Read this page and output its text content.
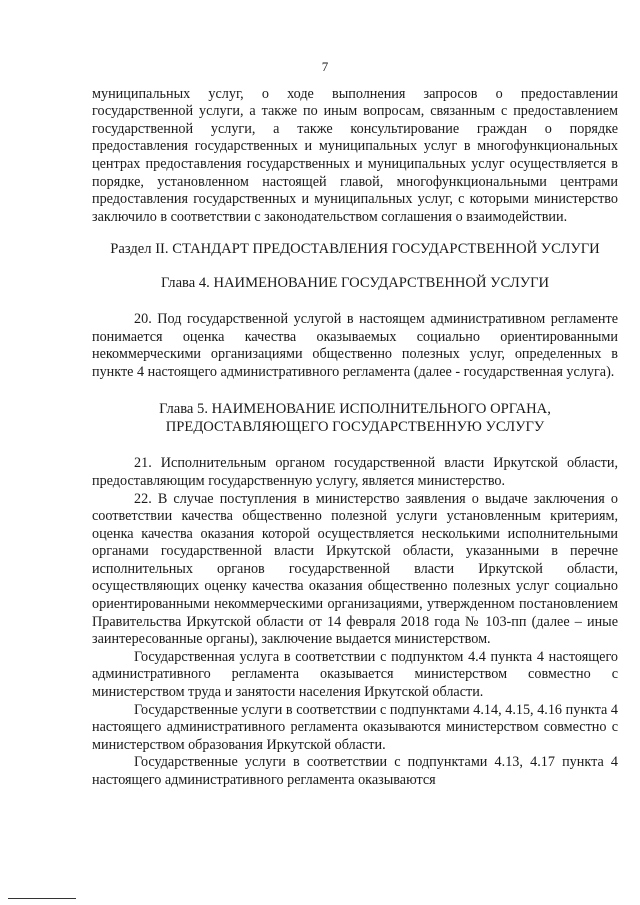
7

муниципальных услуг, о ходе выполнения запросов о предоставлении государственной услуги, а также по иным вопросам, связанным с предоставлением государственной услуги, а также консультирование граждан о порядке предоставления государственных и муниципальных услуг в многофункциональных центрах предоставления государственных и муниципальных услуг осуществляется в порядке, установленном настоящей главой, многофункциональными центрами предоставления государственных и муниципальных услуг, с которыми министерство заключило в соответствии с законодательством соглашения о взаимодействии.

Раздел II. СТАНДАРТ ПРЕДОСТАВЛЕНИЯ ГОСУДАРСТВЕННОЙ УСЛУГИ
Глава 4. НАИМЕНОВАНИЕ ГОСУДАРСТВЕННОЙ УСЛУГИ

20. Под государственной услугой в настоящем административном регламенте понимается оценка качества оказываемых социально ориентированными некоммерческими организациями общественно полезных услуг, определенных в пункте 4 настоящего административного регламента (далее - государственная услуга).

Глава 5. НАИМЕНОВАНИЕ ИСПОЛНИТЕЛЬНОГО ОРГАНА,
ПРЕДОСТАВЛЯЮЩЕГО ГОСУДАРСТВЕННУЮ УСЛУГУ

21. Исполнительным органом государственной власти Иркутской области, предоставляющим государственную услугу, является министерство.

22. В случае поступления в министерство заявления о выдаче заключения о соответствии качества общественно полезной услуги установленным критериям, оценка качества оказания которой осуществляется несколькими исполнительными органами государственной власти Иркутской области, указанными в перечне исполнительных органов государственной власти Иркутской области, осуществляющих оценку качества оказания общественно полезных услуг социально ориентированными некоммерческими организациями, утвержденном постановлением Правительства Иркутской области от 14 февраля 2018 года № 103-пп (далее – иные заинтересованные органы), заключение выдается министерством.

Государственная услуга в соответствии с подпунктом 4.4 пункта 4 настоящего административного регламента оказывается министерством совместно с министерством труда и занятости населения Иркутской области.

Государственные услуги в соответствии с подпунктами 4.14, 4.15, 4.16 пункта 4 настоящего административного регламента оказываются министерством совместно с министерством образования Иркутской области.

Государственные услуги в соответствии с подпунктами 4.13, 4.17 пункта 4 настоящего административного регламента оказываются
